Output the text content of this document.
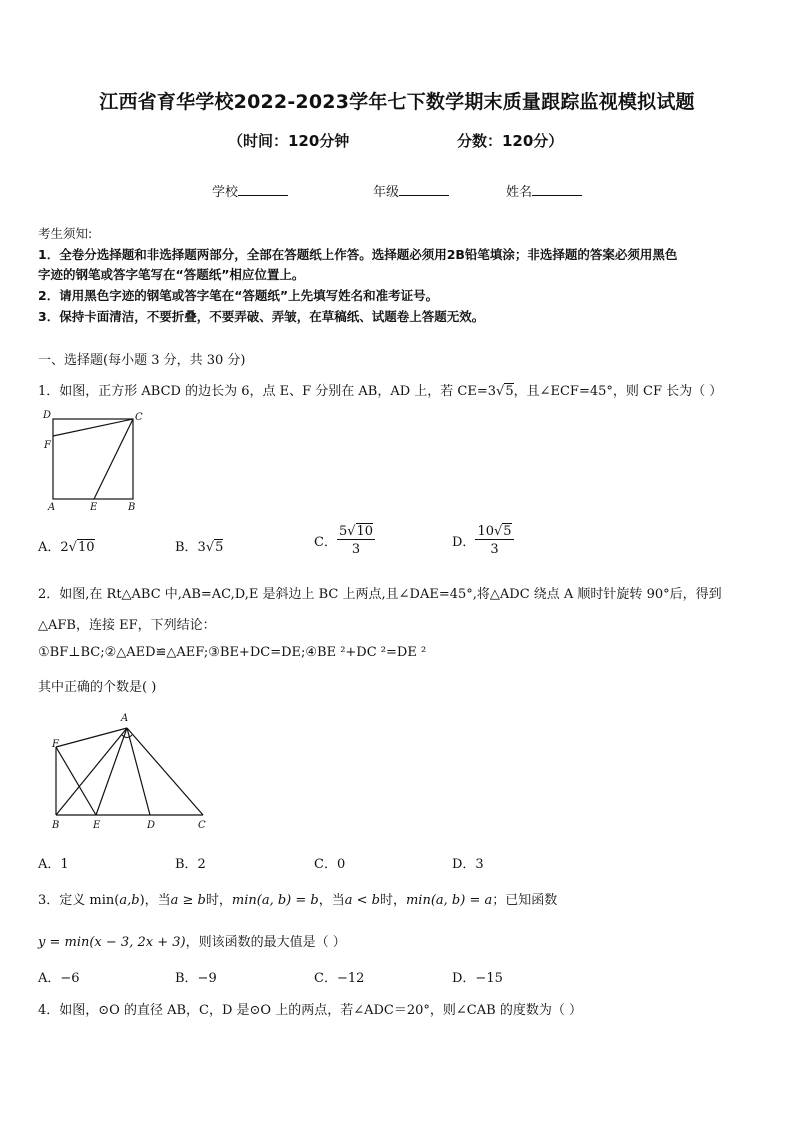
江西省育华学校2022-2023学年七下数学期末质量跟踪监视模拟试题
（时间：120分钟	分数：120分）
学校	年级	姓名
考生须知:
1．全卷分选择题和非选择题两部分，全部在答题纸上作答。选择题必须用2B铅笔填涂；非选择题的答案必须用黑色
字迹的钢笔或答字笔写在“答题纸”相应位置上。
2．请用黑色字迹的钢笔或答字笔在“答题纸”上先填写姓名和准考证号。
3．保持卡面清洁，不要折叠，不要弄破、弄皱，在草稿纸、试题卷上答题无效。
一、选择题(每小题 3 分，共 30 分)
1．如图，正方形 ABCD 的边长为 6，点 E、F 分别在 AB，AD 上，若 CE=3√5，且∠ECF=45°，则 CF 长为（ ）
D	C
F
A	E	B
A．2√10	B．3√5	C． $\frac{5√10}{3}$	D． $\frac{10√5}{3}$
2．如图,在 Rt△ABC 中,AB=AC,D,E 是斜边上 BC 上两点,且∠DAE=45°,将△ADC 绕点 A 顺时针旋转 90°后，得到
△AFB，连接 EF，下列结论：
①BF⊥BC;②△AED≌△AEF;③BE+DC=DE;④BE ²+DC ²=DE ²
其中正确的个数是( )
A
F
B	E	D	C
A．1	B．2	C．0	D．3
3．定义 min(a,b)，当a ≥ b时，min(a, b) = b，当a < b时，min(a, b) = a；已知函数
y = min(x − 3, 2x + 3)，则该函数的最大值是（ ）
A．−6	B．−9	C．−12	D．−15
4．如图，⊙O 的直径 AB，C，D 是⊙O 上的两点，若∠ADC＝20°，则∠CAB 的度数为（ ）
